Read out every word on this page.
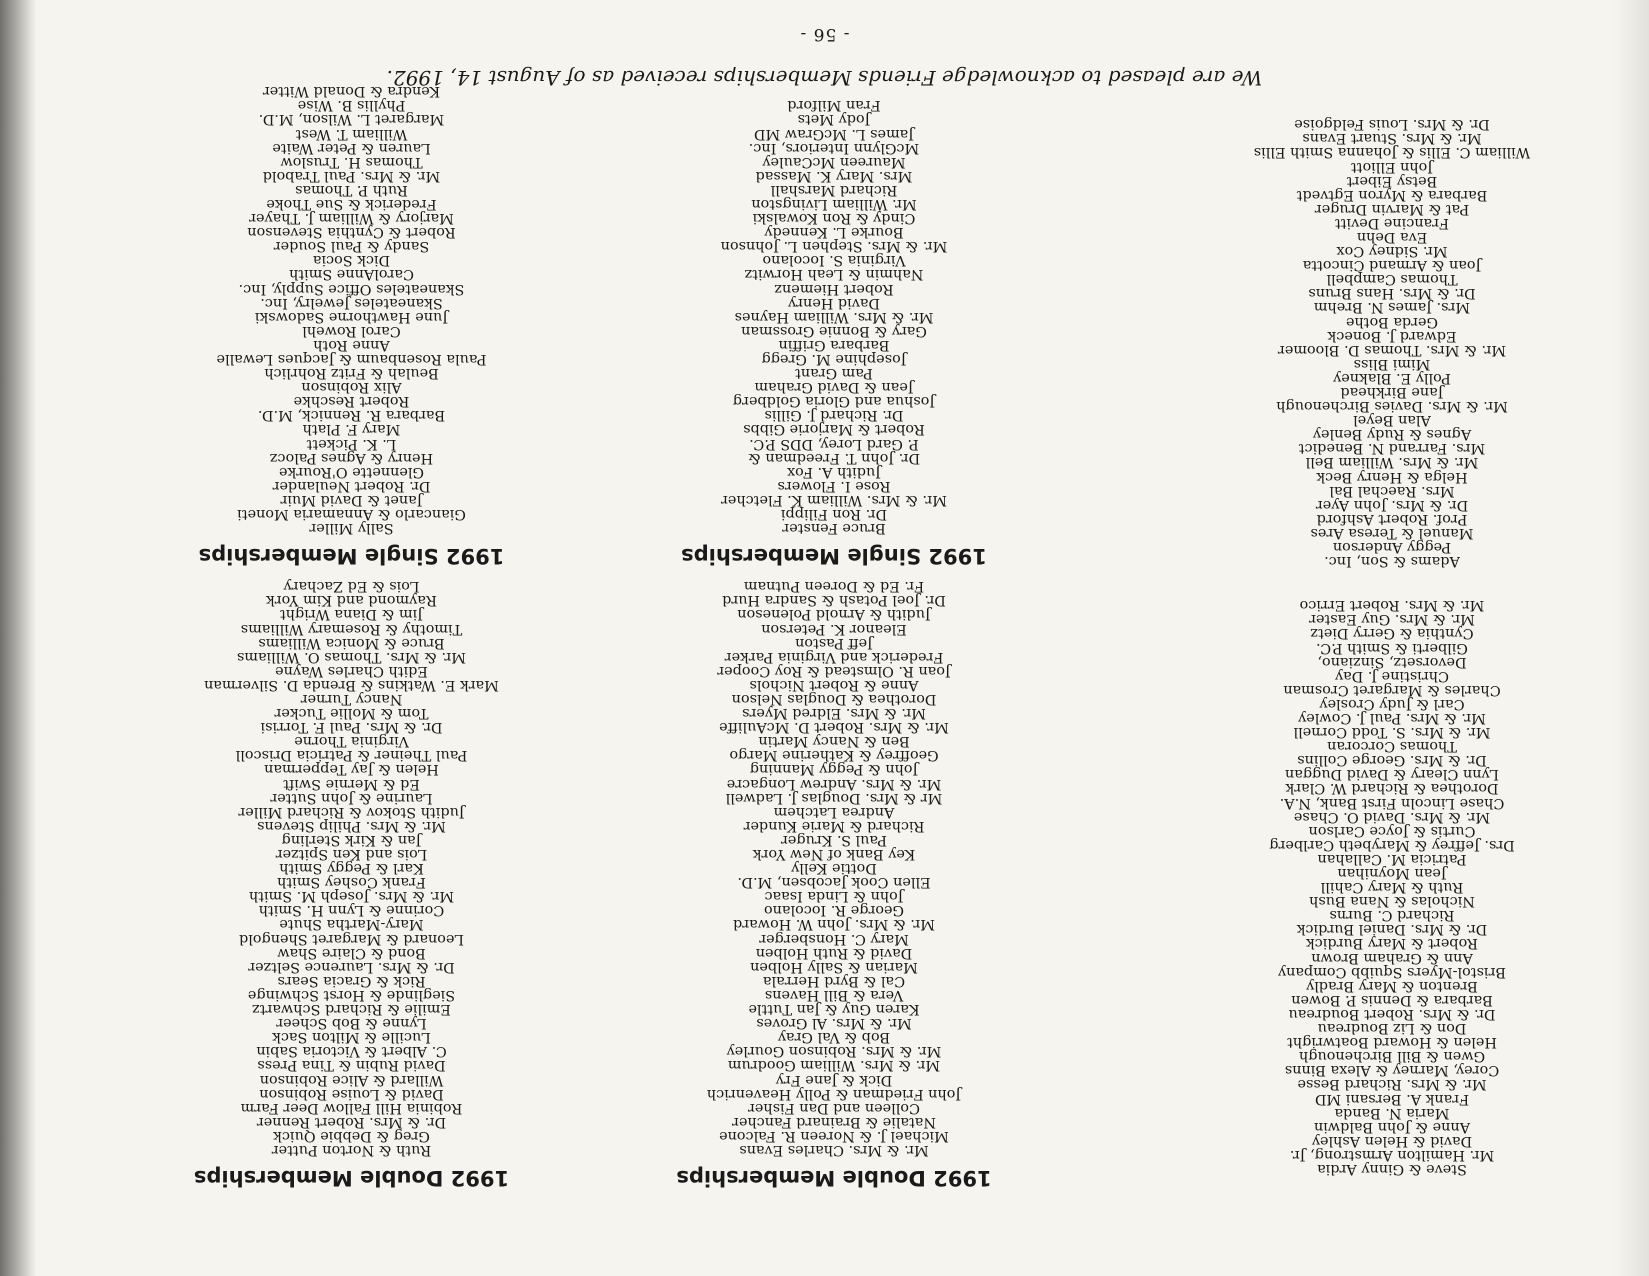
- 56 -
We are pleased to acknowledge Friends Memberships received as of August 14, 1992.
Steve & Ginny Ardia
Mr. Hamilton Armstrong, Jr.
David & Helen Ashley
Anne & John Baldwin
Maria N. Banda
Frank A. Bersani MD
Mr. & Mrs. Richard Besse
Corey, Marney & Alexa Binns
Gwen & Bill Birchenough
Helen & Howard Boatwright
Don & Liz Boudreau
Dr. & Mrs. Robert Boudreau
Barbara & Dennis P. Bowen
Brenton & Mary Bradly
Bristol-Myers Squibb Company
Ann & Graham Brown
Robert & Mary Burdick
Dr. & Mrs. Daniel Burdick
Richard C. Burns
Nicholas & Nana Bush
Ruth & Mary Cahill
Jean Moynihan
Patricia M. Callahan
Drs. Jeffrey & Marybeth Carlberg
Curtis & Joyce Carlson
Mr. & Mrs. David O. Chase
Chase Lincoln First Bank, N.A.
Dorothea & Richard W. Clark
Lynn Cleary & David Duggan
Dr. & Mrs. George Collins
Thomas Corcoran
Mr. & Mrs. S. Todd Cornell
Mr. & Mrs. Paul J. Cowley
Carl & Judy Crosley
Charles & Margaret Crosman
Christine J. Day
Devorsetz, Sinziano,
Gilberti & Smith P.C.
Cynthia & Gerry Dietz
Mr. & Mrs. Guy Easter
Mr. & Mrs. Robert Errico
Adams & Son, Inc.
Peggy Anderson
Manuel & Teresa Ares
Prof. Robert Ashford
Dr. & Mrs. John Ayer
Mrs. Raechal Bal
Helga & Henry Beck
Mr. & Mrs. William Bell
Mrs. Farrand N. Benedict
Agnes & Rudy Benley
Alan Beyel
Mr. & Mrs. Davies Birchenough
Jane Birkhead
Polly E. Blakney
Mimi Bliss
Mr. & Mrs. Thomas D. Bloomer
Edward J. Boneck
Gerda Bothe
Mrs. James N. Brehm
Dr. & Mrs. Hans Bruns
Thomas Campbell
Joan & Armand Cincotta
Mr. Sidney Cox
Eva Dehn
Francine Devitt
Pat & Marvin Druger
Barbara & Myron Egtvedt
Betsy Eibert
John Elliott
William C. Ellis & Johanna Smith Ellis
Mr. & Mrs. Stuart Evans
Dr. & Mrs. Louis Feldgoise
1992 Double Memberships
Mr. & Mrs. Charles Evans
Michael J. & Noreen R. Falcone
Natalie & Brainard Fancher
Colleen and Dan Fisher
John Friedman & Polly Heavenrich
Dick & Jane Fry
Mr. & Mrs. William Goodrum
Mr. & Mrs. Robinson Gourley
Bob & Val Gray
Mr. & Mrs. Al Groves
Karen Guy & Jan Tuttle
Vera & Bill Havens
Cal & Byrd Herrala
Marian & Sally Holben
David & Ruth Holben
Mary C. Honsberger
Mr. & Mrs. John W. Howard
George R. Iocolano
John & Linda Isaac
Ellen Cook Jacobsen, M.D.
Dottie Kelly
Key Bank of New York
Paul S. Kruger
Richard & Marie Kunder
Andrea Latchem
Mr & Mrs. Douglas J. Ladwell
Mr. & Mrs. Andrew Longacre
John & Peggy Manning
Geoffrey & Katherine Margo
Ben & Nancy Martin
Mr. & Mrs. Robert D. McAuliffe
Mr. & Mrs. Eldred Myers
Dorothea & Douglas Nelson
Anne & Robert Nichols
Joan R. Olmstead & Roy Cooper
Frederick and Virginia Parker
Jeff Paston
Eleanor K. Peterson
Judith & Arnold Poleneson
Dr. Joel Potash & Sandra Hurd
Fr. Ed & Doreen Putnam
1992 Single Memberships
Bruce Fenster
Dr. Ron Filippi
Mr. & Mrs. William K. Fletcher
Rose I. Flowers
Judith A. Fox
Dr. John T. Freedman &
P. Gard Lorey, DDS P.C.
Robert & Marjorie Gibbs
Dr. Richard J. Gillis
Joshua and Gloria Goldberg
Jean & David Graham
Pam Grant
Josephine M. Gregg
Barbara Griffin
Gary & Bonnie Grossman
Mr. & Mrs. William Haynes
David Henry
Robert Hiemenz
Nahmin & Leah Horwitz
Virginia S. Iocolano
Mr. & Mrs. Stephen L. Johnson
Bourke L. Kennedy
Cindy & Ron Kowalski
Mr. William Livingston
Richard Marshall
Mrs. Mary K. Massad
Maureen McCauley
McGlynn Interiors, Inc.
James L. McGraw MD
Jody Mets
Fran Milford
1992 Double Memberships
Ruth & Norton Putter
Greg & Debbie Quick
Dr. & Mrs. Robert Renner
Robinia Hill Fallow Deer Farm
David & Louise Robinson
Willard & Alice Robinson
David Rubin & Tina Press
C. Albert & Victoria Sabin
Lucille & Milton Sack
Lynne & Bob Scheer
Emilie & Richard Schwartz
Sieglinde & Horst Schwinge
Rick & Gracia Sears
Dr. & Mrs. Laurence Seltzer
Bond & Claire Shaw
Leonard & Margaret Shengold
Mary-Martha Shute
Corinne & Lynn H. Smith
Mr. & Mrs. Joseph M. Smith
Frank Coshey Smith
Karl & Peggy Smith
Lois and Ken Spitzer
Jan & Kirk Sterling
Mr. & Mrs. Philip Stevens
Judith Stokov & Richard Miller
Laurine & John Sutter
Ed & Mernie Swift
Helen & Jay Tepperman
Paul Theiner & Patricia Driscoll
Virginia Thorne
Dr. & Mrs. Paul F. Torrisi
Tom & Mollie Tucker
Nancy Turner
Mark E. Watkins & Brenda D. Silverman
Edith Charles Wayne
Mr. & Mrs. Thomas O. Williams
Bruce & Monica Williams
Timothy & Rosemary Williams
Jim & Diana Wright
Raymond and Kim York
Lois & Ed Zachary
1992 Single Memberships
Sally Miller
Giancarlo & Annamaria Moneti
Janet & David Muir
Dr. Robert Neulander
Glennette O'Rourke
Henry & Agnes Palocz
L. K. Pickett
Mary F. Plath
Barbara R. Rennick, M.D.
Robert Reschke
Alix Robinson
Beulah & Fritz Rohrlich
Paula Rosenbaum & Jacques Lewalle
Anne Roth
Carol Rowehl
June Hawthorne Sadowski
Skaneateles Jewelry, Inc.
Skaneateles Office Supply, Inc.
CarolAnne Smith
Dick Socia
Sandy & Paul Souder
Robert & Cynthia Stevenson
Marjory & William J. Thayer
Frederick & Sue Thoke
Ruth P. Thomas
Mr. & Mrs. Paul Trabold
Thomas H. Truslow
Lauren & Peter Waite
William T. West
Margaret L. Wilson, M.D.
Phyllis B. Wise
Kendra & Donald Witter
